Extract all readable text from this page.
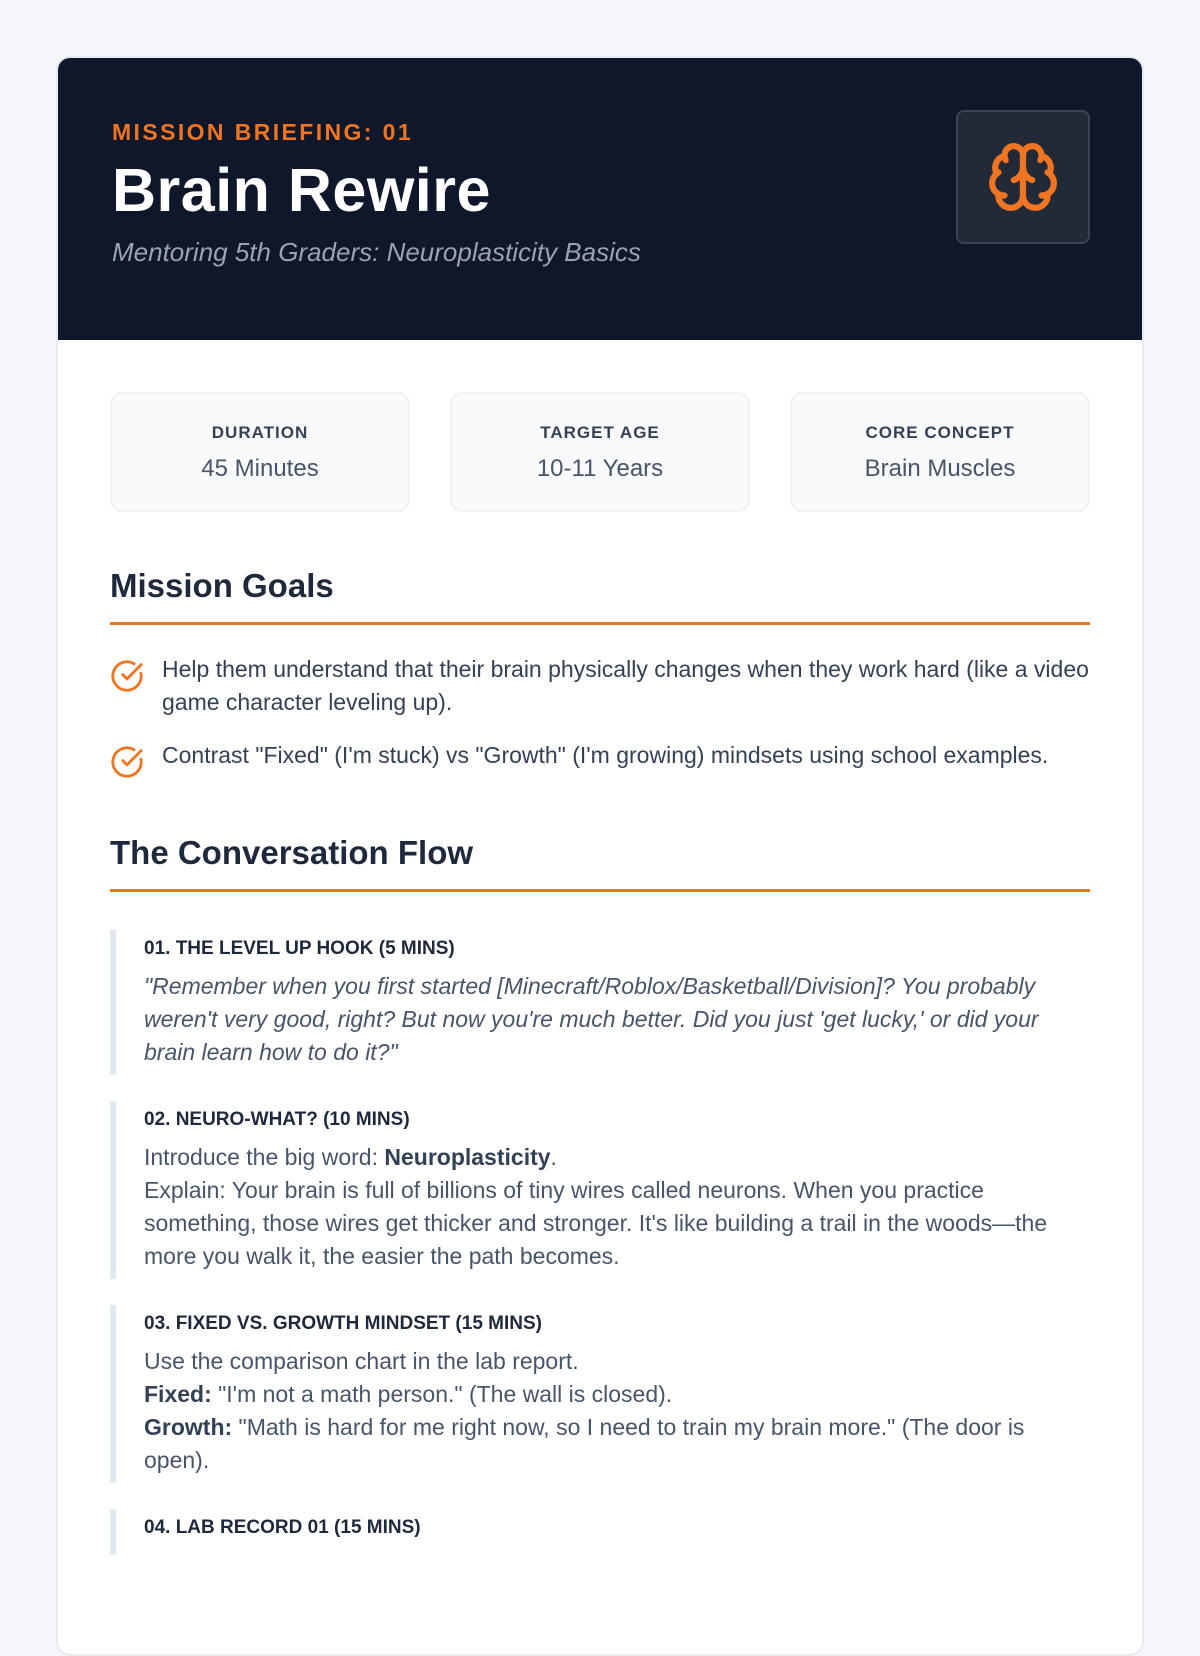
MISSION BRIEFING: 01
Brain Rewire
Mentoring 5th Graders: Neuroplasticity Basics
DURATION
45 Minutes
TARGET AGE
10-11 Years
CORE CONCEPT
Brain Muscles
Mission Goals
Help them understand that their brain physically changes when they work hard (like a video game character leveling up).
Contrast "Fixed" (I'm stuck) vs "Growth" (I'm growing) mindsets using school examples.
The Conversation Flow
01. THE LEVEL UP HOOK (5 MINS)
"Remember when you first started [Minecraft/Roblox/Basketball/Division]? You probably weren't very good, right? But now you're much better. Did you just 'get lucky,' or did your brain learn how to do it?"
02. NEURO-WHAT? (10 MINS)
Introduce the big word: Neuroplasticity.
Explain: Your brain is full of billions of tiny wires called neurons. When you practice something, those wires get thicker and stronger. It's like building a trail in the woods—the more you walk it, the easier the path becomes.
03. FIXED VS. GROWTH MINDSET (15 MINS)
Use the comparison chart in the lab report.
Fixed: "I'm not a math person." (The wall is closed).
Growth: "Math is hard for me right now, so I need to train my brain more." (The door is open).
04. LAB RECORD 01 (15 MINS)
